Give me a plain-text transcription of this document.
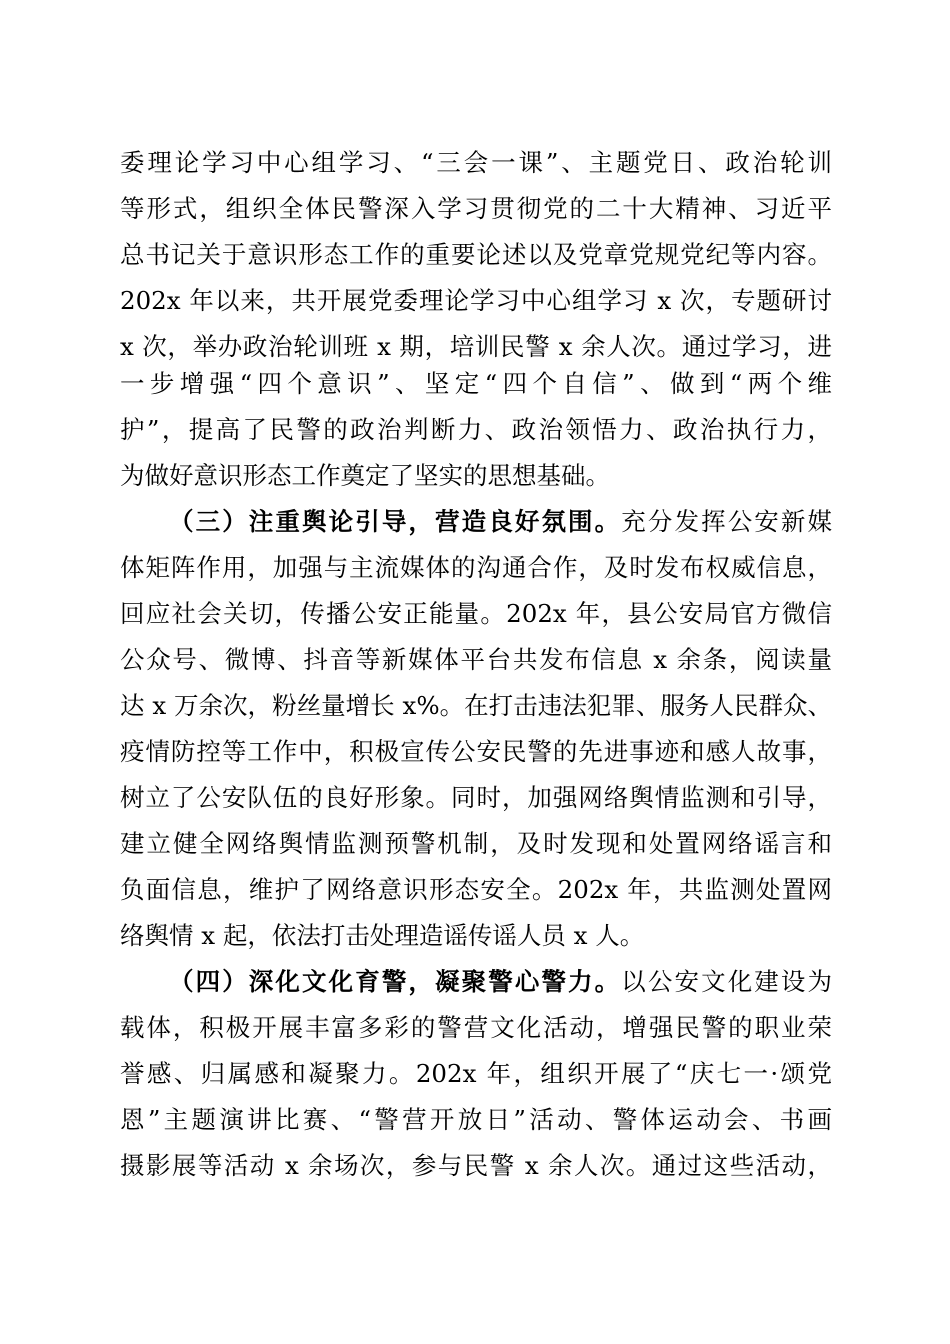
委理论学习中心组学习、“三会一课”、主题党日、政治轮训
等形式，组织全体民警深入学习贯彻党的二十大精神、习近平
总书记关于意识形态工作的重要论述以及党章党规党纪等内容。
202x 年以来，共开展党委理论学习中心组学习 x 次，专题研讨
x 次，举办政治轮训班 x 期，培训民警 x 余人次。通过学习，进
一步增强“四个意识”、坚定“四个自信”、做到“两个维
护”，提高了民警的政治判断力、政治领悟力、政治执行力，
为做好意识形态工作奠定了坚实的思想基础。
（三）注重舆论引导，营造良好氛围。充分发挥公安新媒
体矩阵作用，加强与主流媒体的沟通合作，及时发布权威信息，
回应社会关切，传播公安正能量。202x 年，县公安局官方微信
公众号、微博、抖音等新媒体平台共发布信息 x 余条，阅读量
达 x 万余次，粉丝量增长 x%。在打击违法犯罪、服务人民群众、
疫情防控等工作中，积极宣传公安民警的先进事迹和感人故事，
树立了公安队伍的良好形象。同时，加强网络舆情监测和引导，
建立健全网络舆情监测预警机制，及时发现和处置网络谣言和
负面信息，维护了网络意识形态安全。202x 年，共监测处置网
络舆情 x 起，依法打击处理造谣传谣人员 x 人。
（四）深化文化育警，凝聚警心警力。以公安文化建设为
载体，积极开展丰富多彩的警营文化活动，增强民警的职业荣
誉感、归属感和凝聚力。202x 年，组织开展了“庆七一·颂党
恩”主题演讲比赛、“警营开放日”活动、警体运动会、书画
摄影展等活动 x 余场次，参与民警 x 余人次。通过这些活动，
